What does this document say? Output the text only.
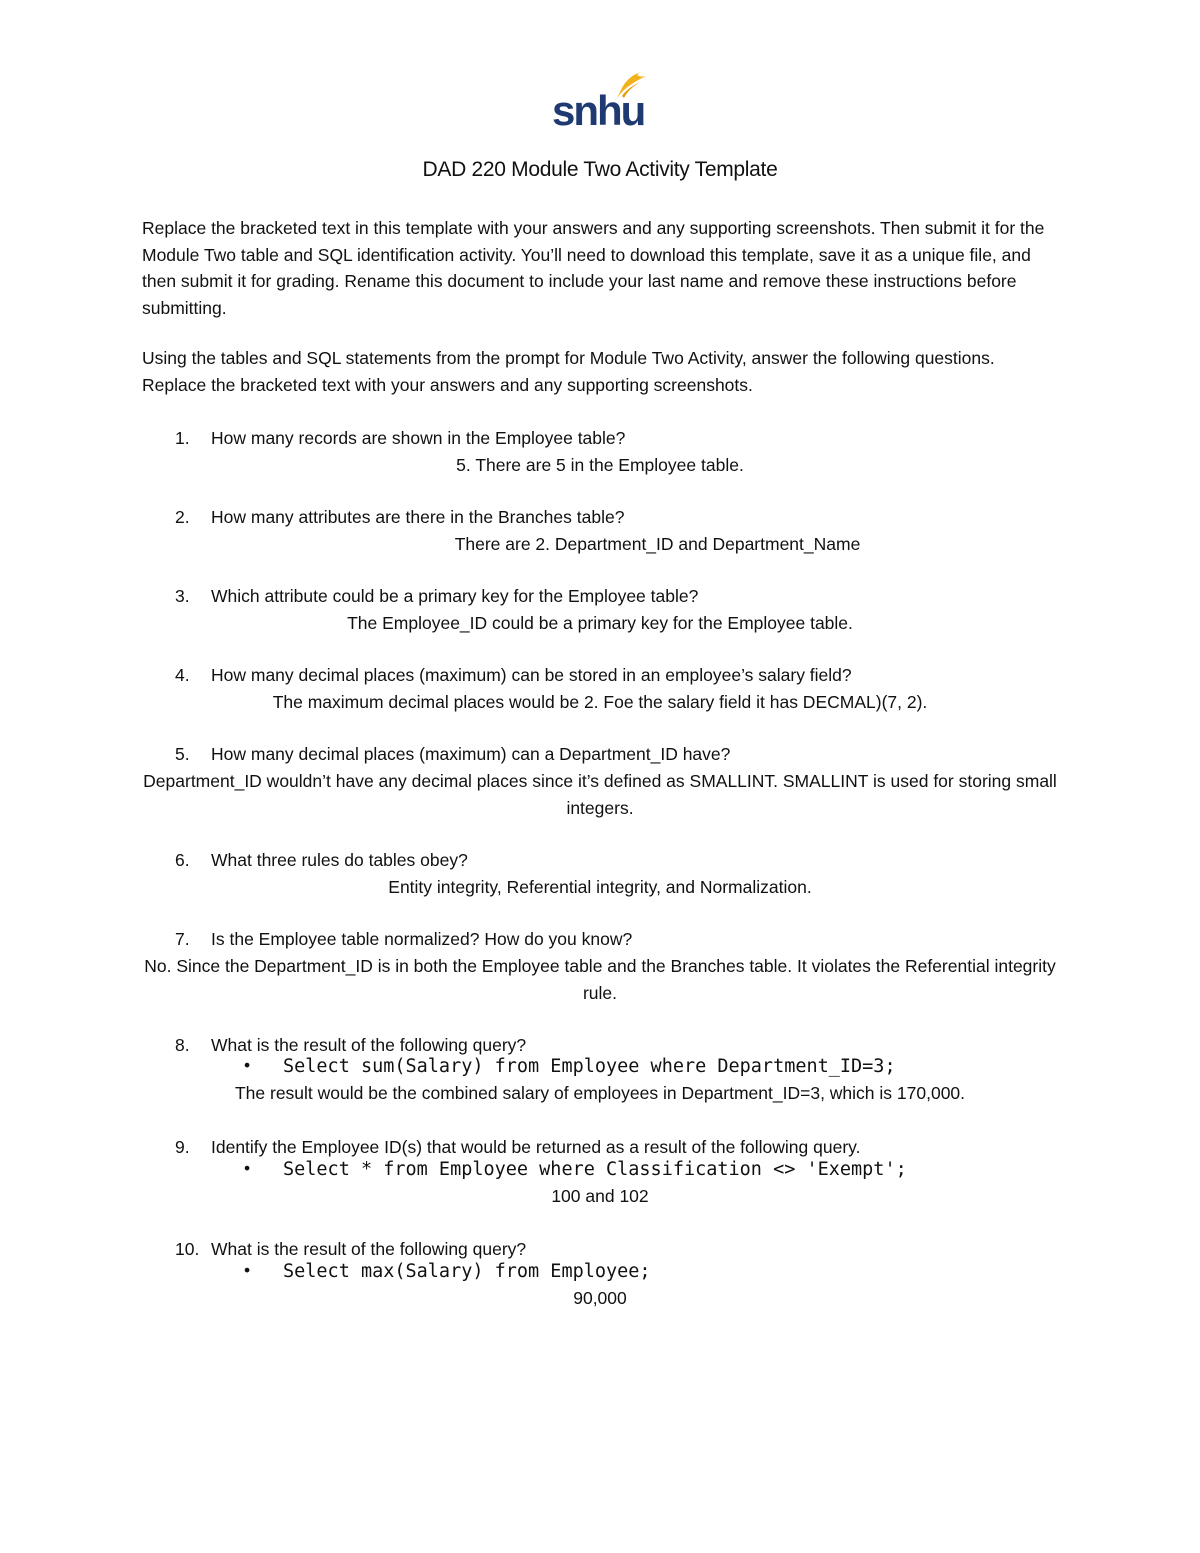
snhu
DAD 220 Module Two Activity Template

Replace the bracketed text in this template with your answers and any supporting screenshots. Then submit it for the Module Two table and SQL identification activity. You’ll need to download this template, save it as a unique file, and then submit it for grading. Rename this document to include your last name and remove these instructions before submitting.

Using the tables and SQL statements from the prompt for Module Two Activity, answer the following questions. Replace the bracketed text with your answers and any supporting screenshots.

1.	How many records are shown in the Employee table?
5. There are 5 in the Employee table.
2.	How many attributes are there in the Branches table?
There are 2. Department_ID and Department_Name
3.	Which attribute could be a primary key for the Employee table?
The Employee_ID could be a primary key for the Employee table.
4.	How many decimal places (maximum) can be stored in an employee’s salary field?
The maximum decimal places would be 2. Foe the salary field it has DECMAL)(7, 2).
5.	How many decimal places (maximum) can a Department_ID have?
Department_ID wouldn’t have any decimal places since it’s defined as SMALLINT. SMALLINT is used for storing small integers.
6.	What three rules do tables obey?
Entity integrity, Referential integrity, and Normalization.
7.	Is the Employee table normalized? How do you know?
No. Since the Department_ID is in both the Employee table and the Branches table. It violates the Referential integrity rule.
8.	What is the result of the following query?
• Select sum(Salary) from Employee where Department_ID=3;
The result would be the combined salary of employees in Department_ID=3, which is 170,000.
9.	Identify the Employee ID(s) that would be returned as a result of the following query.
• Select * from Employee where Classification <> 'Exempt';
100 and 102
10. What is the result of the following query?
• Select max(Salary) from Employee;
90,000
